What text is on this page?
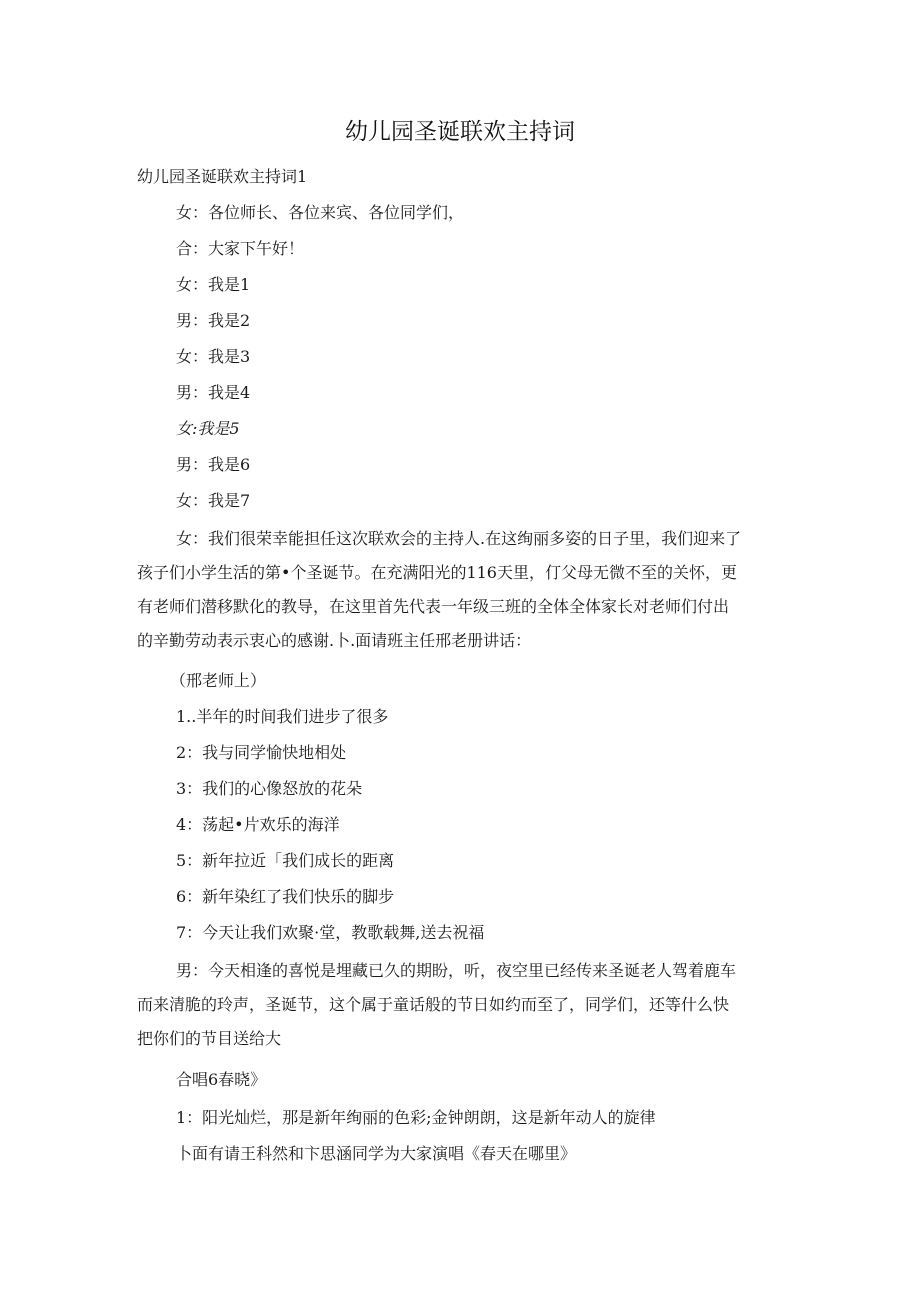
幼儿园圣诞联欢主持词
幼儿园圣诞联欢主持词1
女：各位师长、各位来宾、各位同学们，
合：大家下午好！
女：我是1
男：我是2
女：我是3
男：我是4
女:我是5
男：我是6
女：我是7
女：我们很荣幸能担任这次联欢会的主持人.在这绚丽多姿的日子里，我们迎来了
孩子们小学生活的第•个圣诞节。在充满阳光的116天里，仃父母无微不至的关怀，更
有老师们潜移默化的教导，在这里首先代表一年级三班的全体全体家长对老师们付出
的辛勤劳动表示衷心的感谢.卜.面请班主任邢老册讲话：
（邢老师上）
1..半年的时间我们进步了很多
2：我与同学愉快地相处
3：我们的心像怒放的花朵
4：荡起•片欢乐的海洋
5：新年拉近「我们成长的距离
6：新年染红了我们快乐的脚步
7：今天让我们欢聚·堂，教歌载舞,送去祝福
男：今天相逢的喜悦是埋藏已久的期盼，听，夜空里已经传来圣诞老人驾着鹿车
而来清脆的玲声，圣诞节，这个属于童话般的节日如约而至了，同学们，还等什么快
把你们的节目送给大
合唱6春晓》
1：阳光灿烂，那是新年绚丽的色彩;金钟朗朗，这是新年动人的旋律
卜面有请王科然和卞思涵同学为大家演唱《春天在哪里》
